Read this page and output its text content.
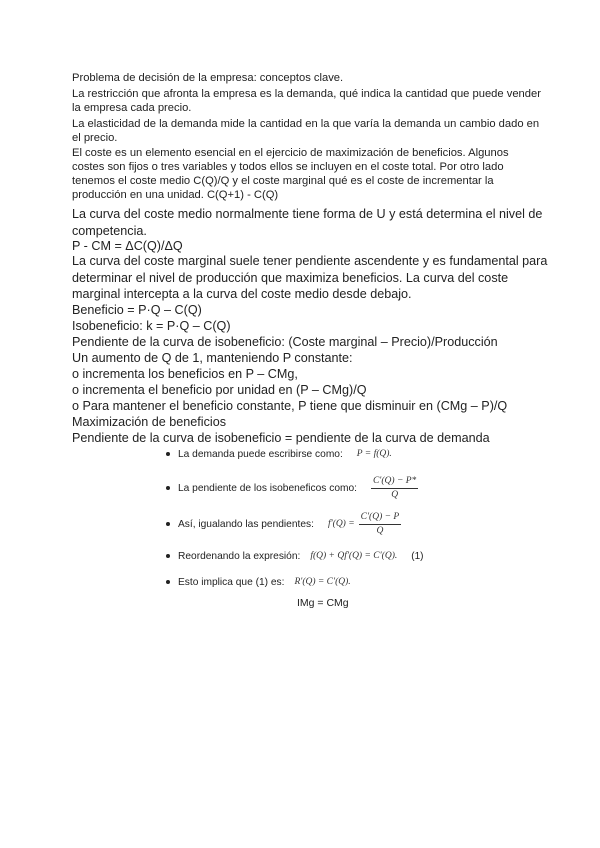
Problema de decisión de la empresa: conceptos clave.

La restricción que afronta la empresa es la demanda, qué indica la cantidad que puede vender la empresa cada precio.

La elasticidad de la demanda mide la cantidad en la que varía la demanda un cambio dado en el precio.

El coste es un elemento esencial en el ejercicio de maximización de beneficios. Algunos costes son fijos o tres variables y todos ellos se incluyen en el coste total. Por otro lado tenemos el coste medio C(Q)/Q y el coste marginal qué es el coste de incrementar la producción en una unidad. C(Q+1) - C(Q)

La curva del coste medio normalmente tiene forma de U y está determina el nivel de competencia.

P - CM = ΔC(Q)/ΔQ

La curva del coste marginal suele tener pendiente ascendente y es fundamental para determinar el nivel de producción que maximiza beneficios. La curva del coste marginal intercepta a la curva del coste medio desde debajo.

Beneficio = P·Q – C(Q)

Isobeneficio: k = P·Q – C(Q)

Pendiente de la curva de isobeneficio: (Coste marginal – Precio)/Producción

Un aumento de Q de 1, manteniendo P constante:

o incrementa los beneficios en P – CMg,

o incrementa el beneficio por unidad en (P – CMg)/Q

o Para mantener el beneficio constante, P tiene que disminuir en (CMg – P)/Q

Maximización de beneficios

Pendiente de la curva de isobeneficio = pendiente de la curva de demanda

La demanda puede escribirse como: P = f(Q).
La pendiente de los isobeneficos como: $\frac{C'(Q) - P*}{Q}$
Así, igualando las pendientes: $f'(Q) = \frac{C'(Q) - P}{Q}$
Reordenando la expresión: f(Q) + Qf′(Q) = C′(Q). (1)
Esto implica que (1) es: R′(Q) = C′(Q).
IMg = CMg
